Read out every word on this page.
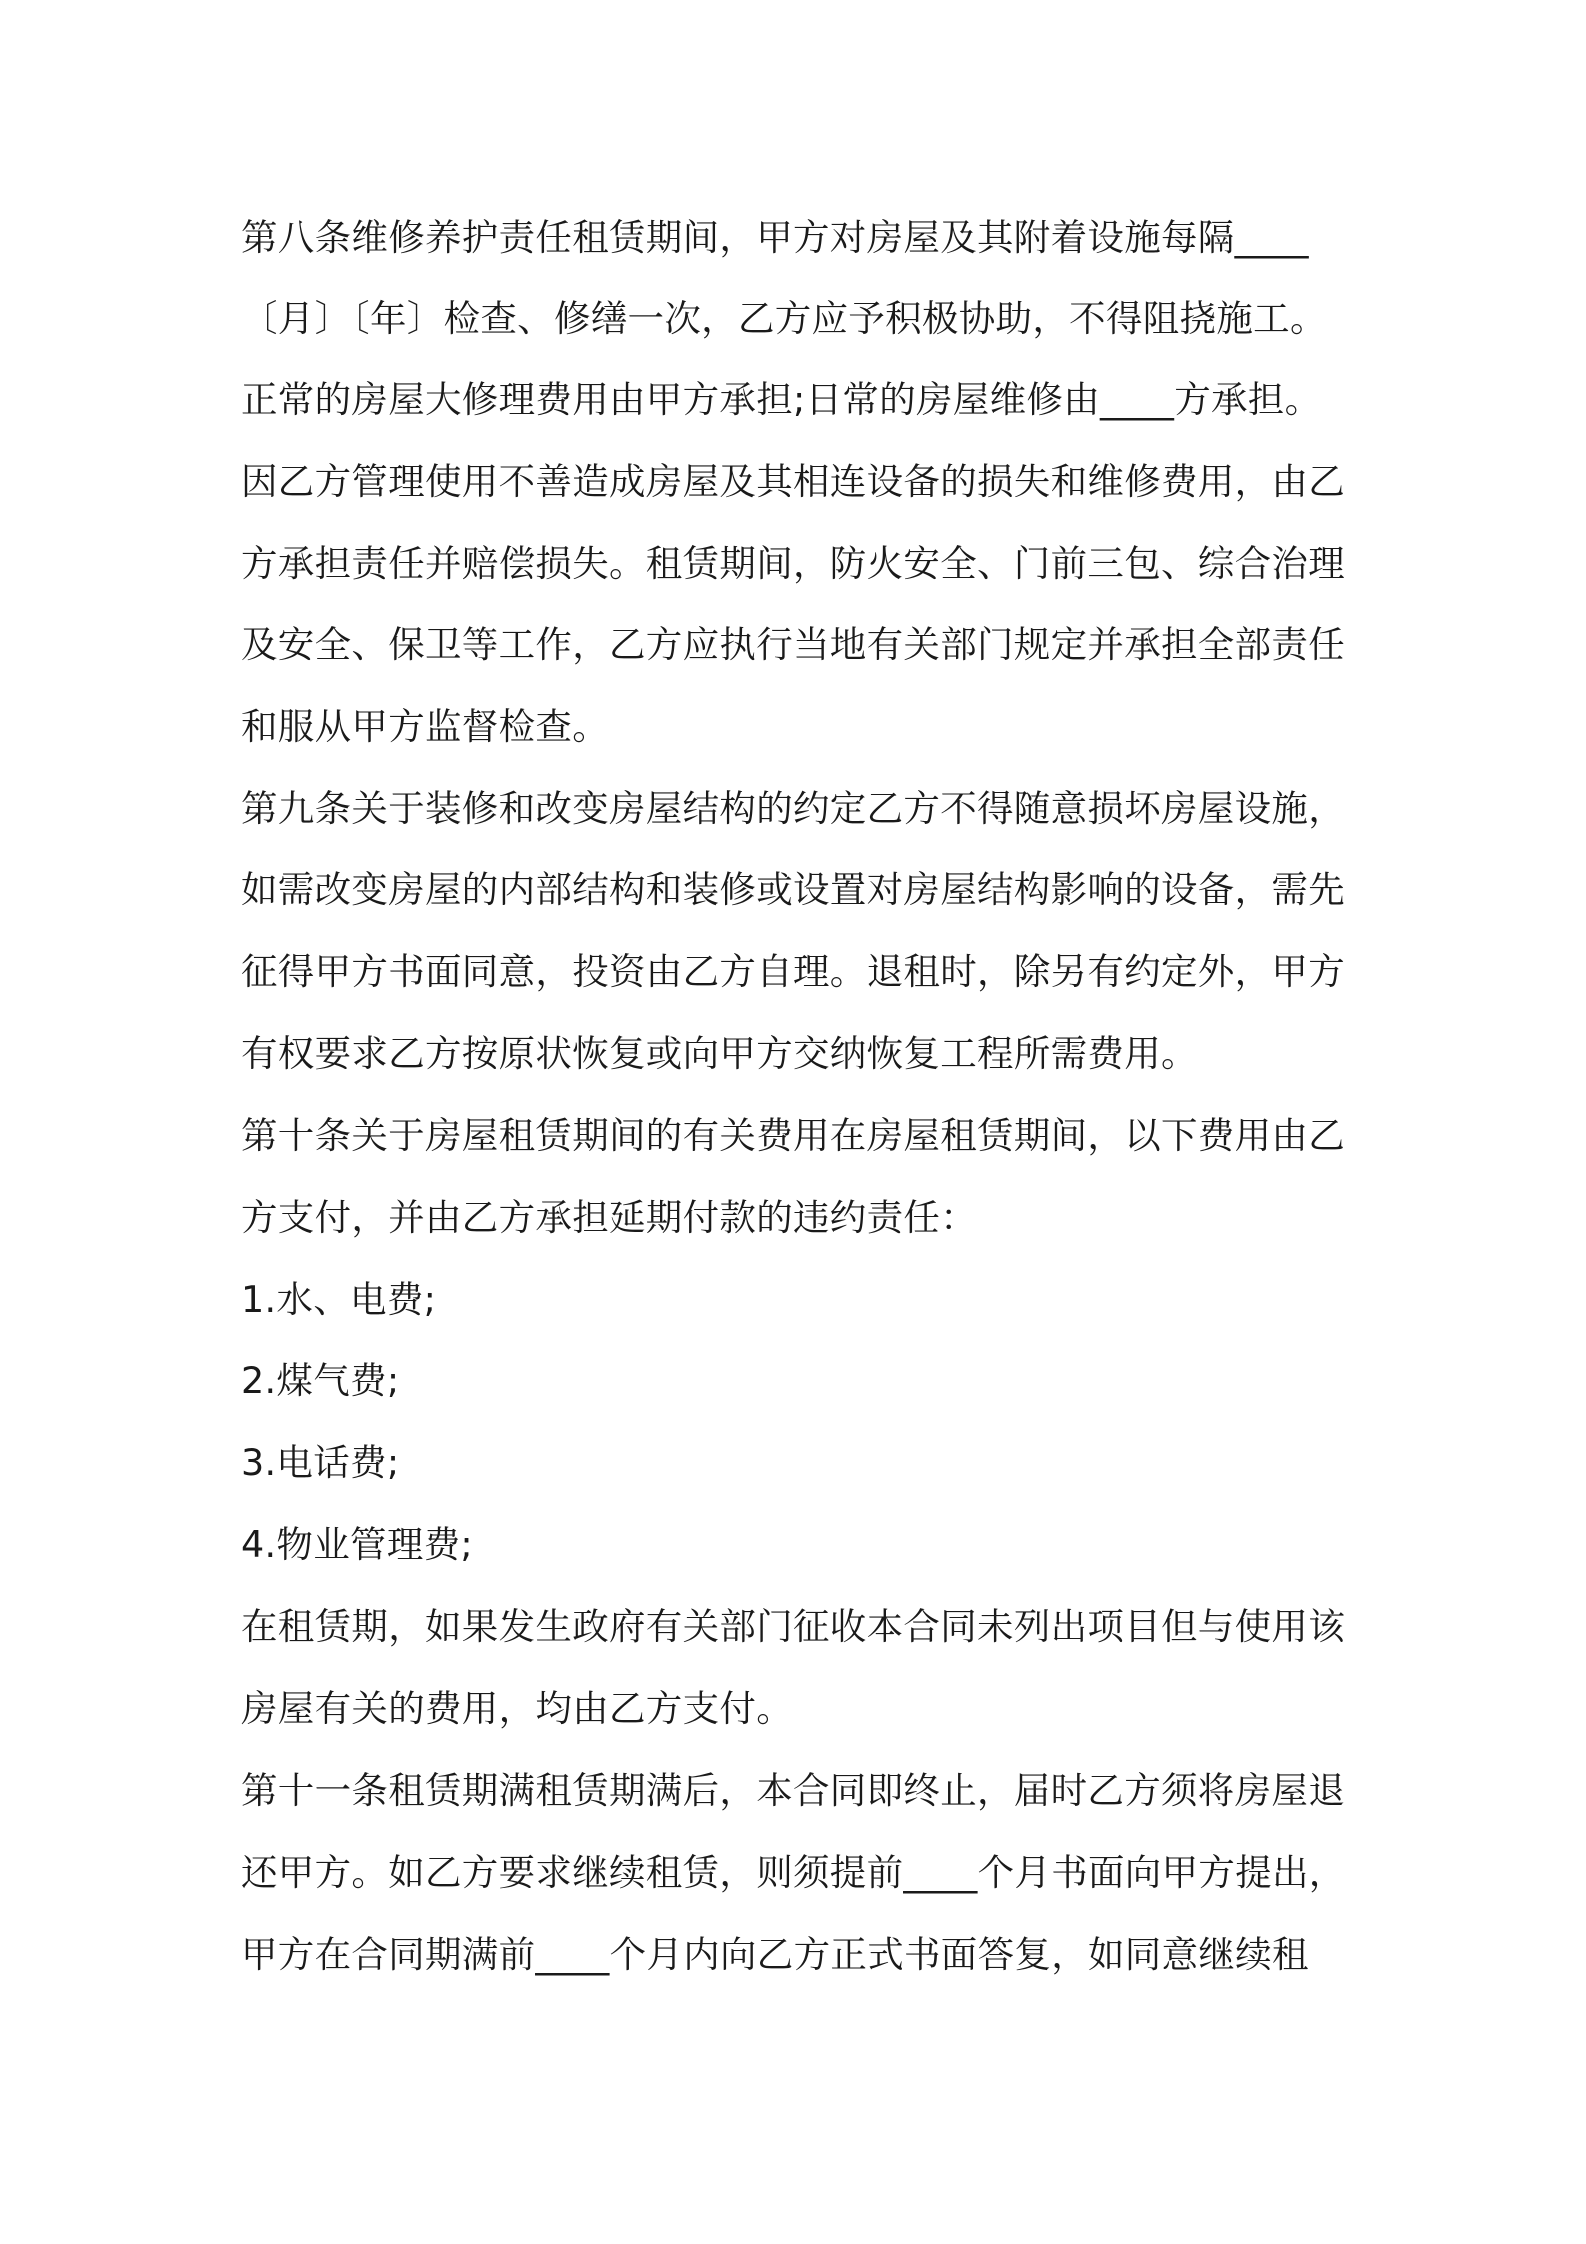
第八条维修养护责任租赁期间，甲方对房屋及其附着设施每隔____
〔月〕〔年〕检查、修缮一次，乙方应予积极协助，不得阻挠施工。
正常的房屋大修理费用由甲方承担;日常的房屋维修由____方承担。
因乙方管理使用不善造成房屋及其相连设备的损失和维修费用，由乙
方承担责任并赔偿损失。租赁期间，防火安全、门前三包、综合治理
及安全、保卫等工作，乙方应执行当地有关部门规定并承担全部责任
和服从甲方监督检查。
第九条关于装修和改变房屋结构的约定乙方不得随意损坏房屋设施，
如需改变房屋的内部结构和装修或设置对房屋结构影响的设备，需先
征得甲方书面同意，投资由乙方自理。退租时，除另有约定外，甲方
有权要求乙方按原状恢复或向甲方交纳恢复工程所需费用。
第十条关于房屋租赁期间的有关费用在房屋租赁期间，以下费用由乙
方支付，并由乙方承担延期付款的违约责任：
1.水、电费;
2.煤气费;
3.电话费;
4.物业管理费;
在租赁期，如果发生政府有关部门征收本合同未列出项目但与使用该
房屋有关的费用，均由乙方支付。
第十一条租赁期满租赁期满后，本合同即终止，届时乙方须将房屋退
还甲方。如乙方要求继续租赁，则须提前____个月书面向甲方提出，
甲方在合同期满前____个月内向乙方正式书面答复，如同意继续租
